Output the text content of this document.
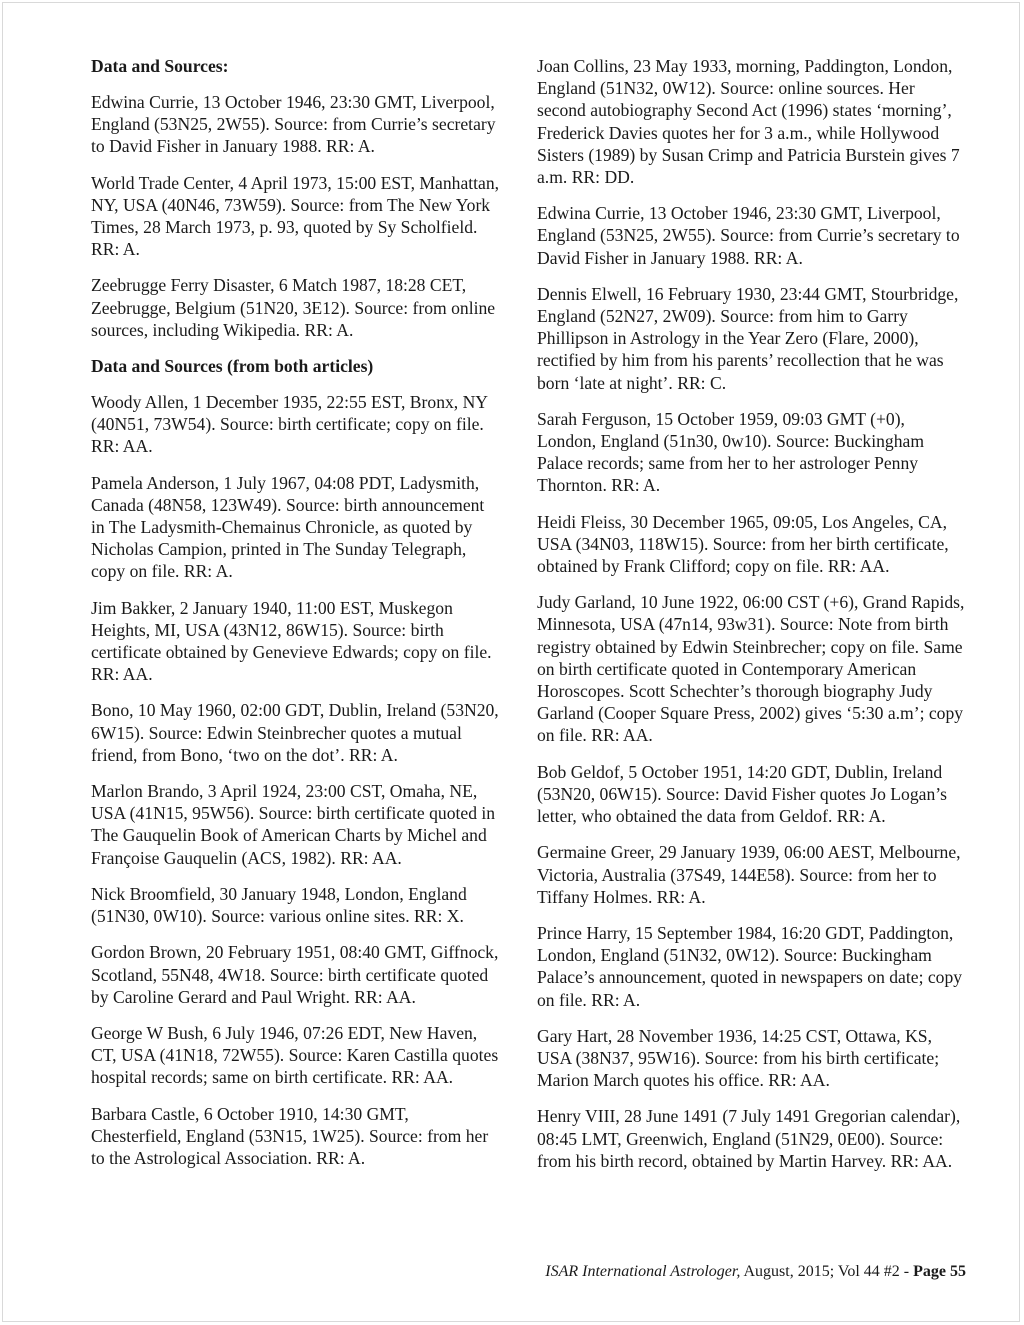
Data and Sources:

Edwina Currie, 13 October 1946, 23:30 GMT, Liverpool, England (53N25, 2W55). Source: from Currie’s secretary to David Fisher in January 1988. RR: A.

World Trade Center, 4 April 1973, 15:00 EST, Manhattan, NY, USA (40N46, 73W59). Source: from The New York Times, 28 March 1973, p. 93, quoted by Sy Scholfield. RR: A.

Zeebrugge Ferry Disaster, 6 Match 1987, 18:28 CET, Zeebrugge, Belgium (51N20, 3E12). Source: from online sources, including Wikipedia. RR: A.

Data and Sources (from both articles)

Woody Allen, 1 December 1935, 22:55 EST, Bronx, NY (40N51, 73W54). Source: birth certificate; copy on file. RR: AA.

Pamela Anderson, 1 July 1967, 04:08 PDT, Ladysmith, Canada (48N58, 123W49). Source: birth announcement in The Ladysmith-Chemainus Chronicle, as quoted by Nicholas Campion, printed in The Sunday Telegraph, copy on file. RR: A.

Jim Bakker, 2 January 1940, 11:00 EST, Muskegon Heights, MI, USA (43N12, 86W15). Source: birth certificate obtained by Genevieve Edwards; copy on file. RR: AA.

Bono, 10 May 1960, 02:00 GDT, Dublin, Ireland (53N20, 6W15). Source: Edwin Steinbrecher quotes a mutual friend, from Bono, ‘two on the dot’. RR: A.

Marlon Brando, 3 April 1924, 23:00 CST, Omaha, NE, USA (41N15, 95W56). Source: birth certificate quoted in The Gauquelin Book of American Charts by Michel and Françoise Gauquelin (ACS, 1982). RR: AA.

Nick Broomfield, 30 January 1948, London, England (51N30, 0W10). Source: various online sites. RR: X.

Gordon Brown, 20 February 1951, 08:40 GMT, Giffnock, Scotland, 55N48, 4W18. Source: birth certificate quoted by Caroline Gerard and Paul Wright. RR: AA.

George W Bush, 6 July 1946, 07:26 EDT, New Haven, CT, USA (41N18, 72W55). Source: Karen Castilla quotes hospital records; same on birth certificate. RR: AA.

Barbara Castle, 6 October 1910, 14:30 GMT, Chesterfield, England (53N15, 1W25). Source: from her to the Astrological Association. RR: A.

Joan Collins, 23 May 1933, morning, Paddington, London, England (51N32, 0W12). Source: online sources. Her second autobiography Second Act (1996) states ‘morning’, Frederick Davies quotes her for 3 a.m., while Hollywood Sisters (1989) by Susan Crimp and Patricia Burstein gives 7 a.m. RR: DD.

Edwina Currie, 13 October 1946, 23:30 GMT, Liverpool, England (53N25, 2W55). Source: from Currie’s secretary to David Fisher in January 1988. RR: A.

Dennis Elwell, 16 February 1930, 23:44 GMT, Stourbridge, England (52N27, 2W09). Source: from him to Garry Phillipson in Astrology in the Year Zero (Flare, 2000), rectified by him from his parents’ recollection that he was born ‘late at night’. RR: C.

Sarah Ferguson, 15 October 1959, 09:03 GMT (+0), London, England (51n30, 0w10). Source: Buckingham Palace records; same from her to her astrologer Penny Thornton. RR: A.

Heidi Fleiss, 30 December 1965, 09:05, Los Angeles, CA, USA (34N03, 118W15). Source: from her birth certificate, obtained by Frank Clifford; copy on file. RR: AA.

Judy Garland, 10 June 1922, 06:00 CST (+6), Grand Rapids, Minnesota, USA (47n14, 93w31). Source: Note from birth registry obtained by Edwin Steinbrecher; copy on file. Same on birth certificate quoted in Contemporary American Horoscopes. Scott Schechter’s thorough biography Judy Garland (Cooper Square Press, 2002) gives ‘5:30 a.m’; copy on file. RR: AA.

Bob Geldof, 5 October 1951, 14:20 GDT, Dublin, Ireland (53N20, 06W15). Source: David Fisher quotes Jo Logan’s letter, who obtained the data from Geldof. RR: A.

Germaine Greer, 29 January 1939, 06:00 AEST, Melbourne, Victoria, Australia (37S49, 144E58). Source: from her to Tiffany Holmes. RR: A.

Prince Harry, 15 September 1984, 16:20 GDT, Paddington, London, England (51N32, 0W12). Source: Buckingham Palace’s announcement, quoted in newspapers on date; copy on file. RR: A.

Gary Hart, 28 November 1936, 14:25 CST, Ottawa, KS, USA (38N37, 95W16). Source: from his birth certificate; Marion March quotes his office. RR: AA.

Henry VIII, 28 June 1491 (7 July 1491 Gregorian calendar), 08:45 LMT, Greenwich, England (51N29, 0E00). Source: from his birth record, obtained by Martin Harvey. RR: AA.

ISAR International Astrologer, August, 2015; Vol 44 #2 - Page 55
